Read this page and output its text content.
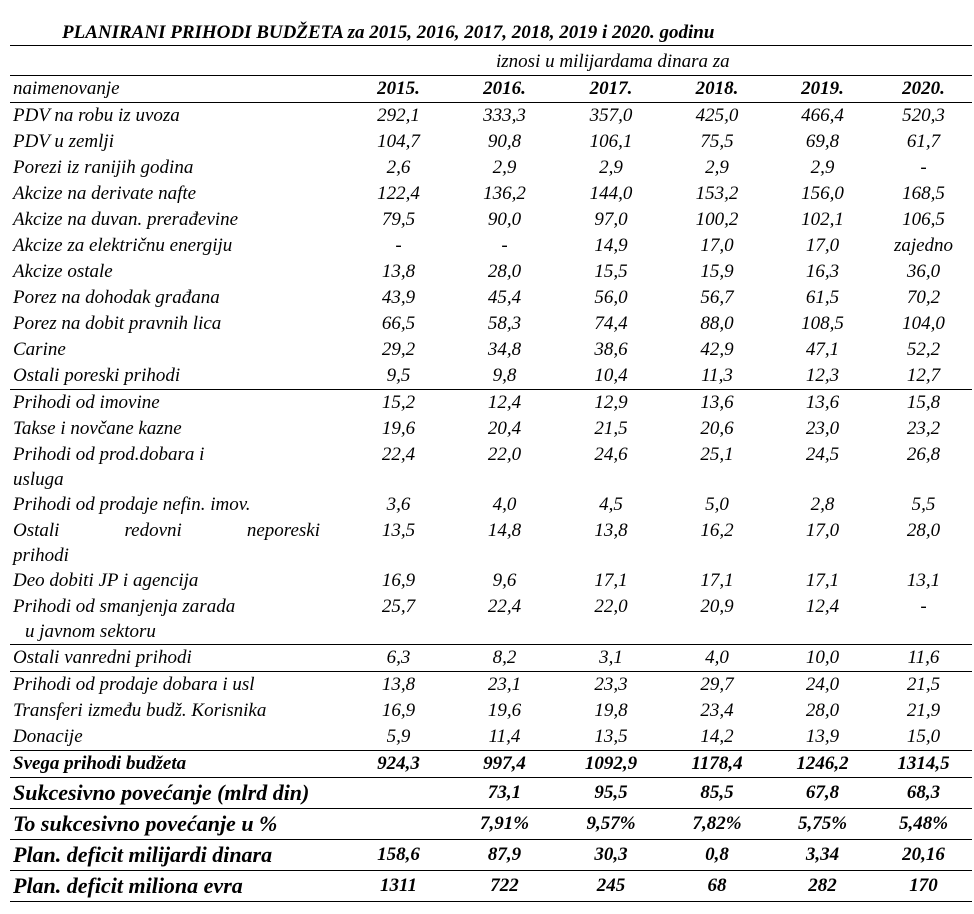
PLANIRANI PRIHODI BUDŽETA za 2015, 2016, 2017, 2018, 2019 i 2020. godinu
iznosi u milijardama dinara za
naimenovanje	2015.	2016.	2017.	2018.	2019.	2020.

PDV na robu iz uvoza	292,1	333,3	357,0	425,0	466,4	520,3

PDV u zemlji	104,7	90,8	106,1	75,5	69,8	61,7

Porezi iz ranijih godina	2,6	2,9	2,9	2,9	2,9	-

Akcize na derivate nafte	122,4	136,2	144,0	153,2	156,0	168,5

Akcize na duvan. prerađevine	79,5	90,0	97,0	100,2	102,1	106,5

Akcize za električnu energiju	-	-	14,9	17,0	17,0	zajedno

Akcize ostale	13,8	28,0	15,5	15,9	16,3	36,0

Porez na dohodak građana	43,9	45,4	56,0	56,7	61,5	70,2

Porez na dobit pravnih lica	66,5	58,3	74,4	88,0	108,5	104,0

Carine	29,2	34,8	38,6	42,9	47,1	52,2

Ostali poreski prihodi	9,5	9,8	10,4	11,3	12,3	12,7

Prihodi od imovine	15,2	12,4	12,9	13,6	13,6	15,8

Takse i novčane kazne	19,6	20,4	21,5	20,6	23,0	23,2

Prihodi od prod.dobara i
usluga	22,4	22,0	24,6	25,1	24,5	26,8

Prihodi od prodaje nefin. imov.	3,6	4,0	4,5	5,0	2,8	5,5

Ostali redovni neporeski
prihodi	13,5	14,8	13,8	16,2	17,0	28,0

Deo dobiti JP i agencija	16,9	9,6	17,1	17,1	17,1	13,1

Prihodi od smanjenja zarada
u javnom sektoru	25,7	22,4	22,0	20,9	12,4	-

Ostali vanredni prihodi	6,3	8,2	3,1	4,0	10,0	11,6

Prihodi od prodaje dobara i usl	13,8	23,1	23,3	29,7	24,0	21,5

Transferi između budž. Korisnika	16,9	19,6	19,8	23,4	28,0	21,9

Donacije	5,9	11,4	13,5	14,2	13,9	15,0
Svega prihodi budžeta	924,3	997,4	1092,9	1178,4	1246,2	1314,5
Sukcesivno povećanje (mlrd din)		73,1	95,5	85,5	67,8	68,3
To sukcesivno povećanje u %		7,91%	9,57%	7,82%	5,75%	5,48%
Plan. deficit milijardi dinara	158,6	87,9	30,3	0,8	3,34	20,16
Plan. deficit miliona evra	1311	722	245	68	282	170
